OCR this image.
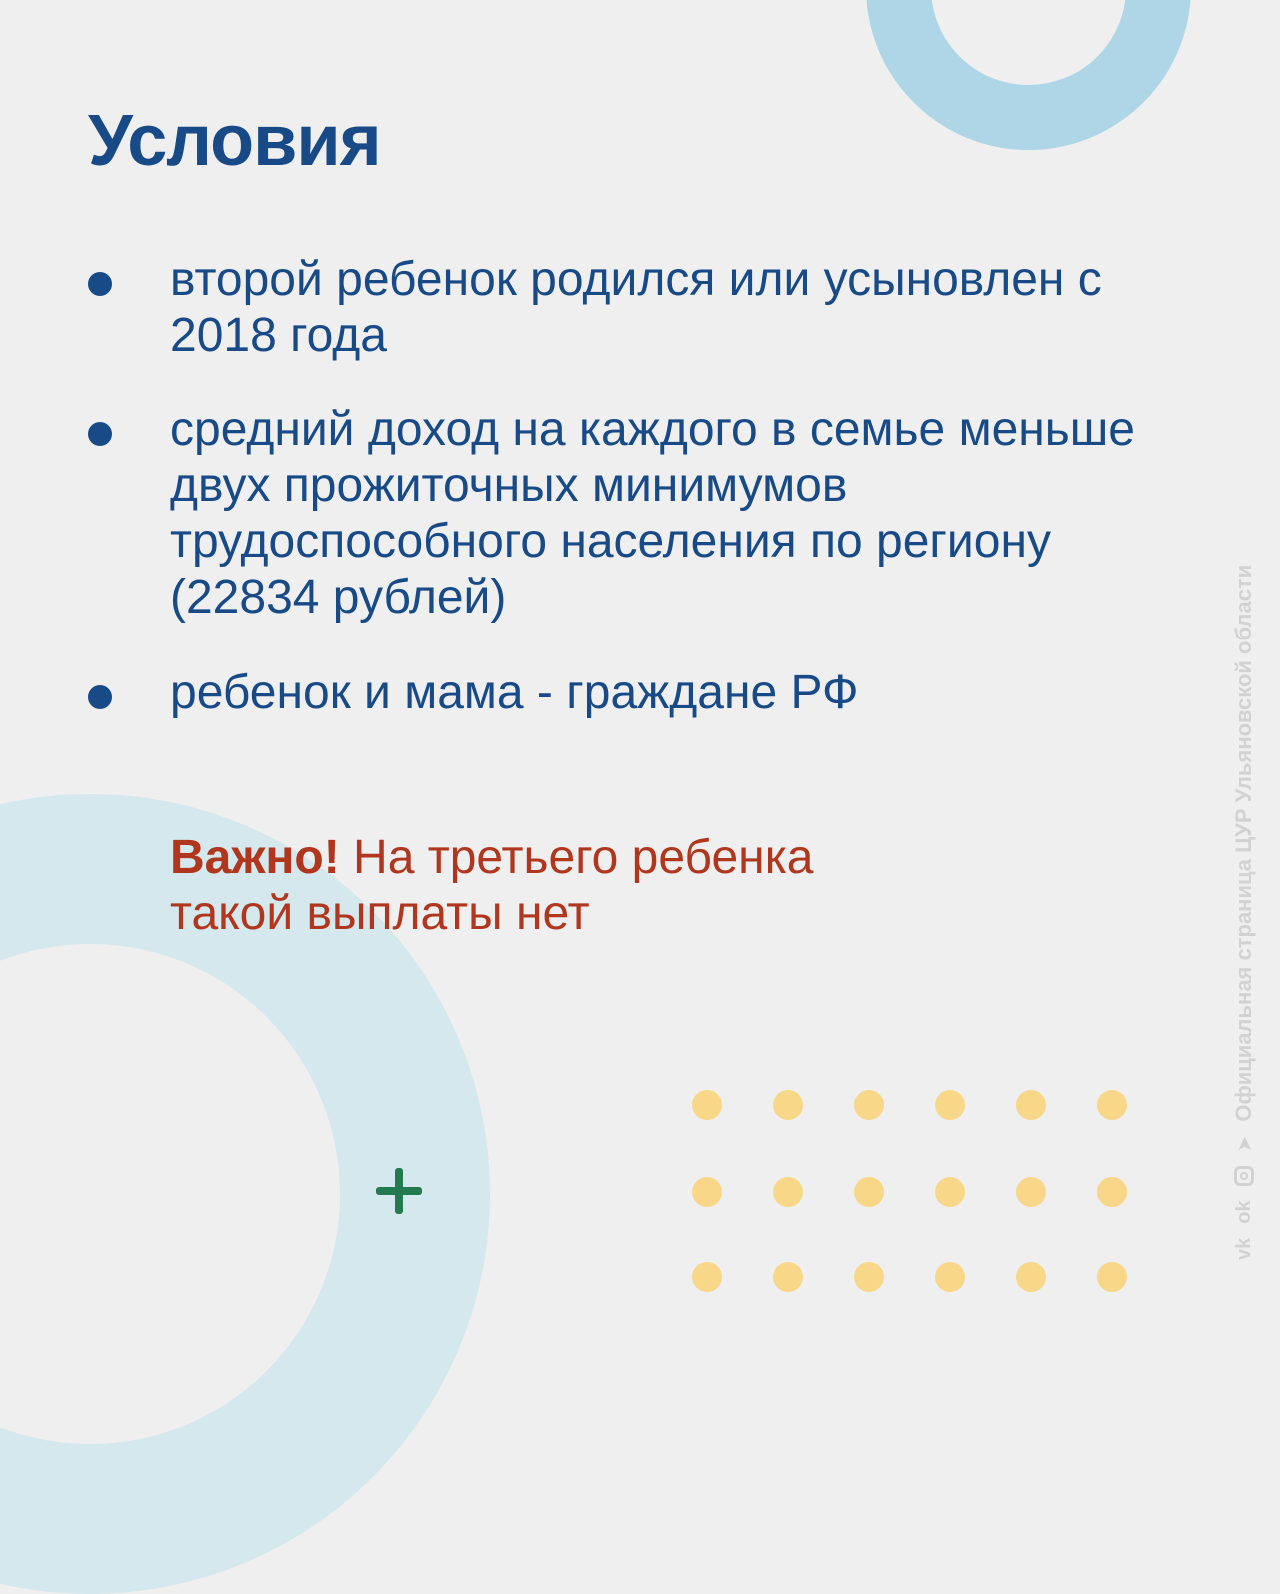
Условия
второй ребенок родился или усыновлен с 2018 года
средний доход на каждого в семье меньше двух прожиточных минимумов трудоспособного населения по региону (22834 рублей)
ребенок и мама - граждане РФ
Важно! На третьего ребенка такой выплаты нет
vk
ok
➤
Официальная страница ЦУР Ульяновской области
